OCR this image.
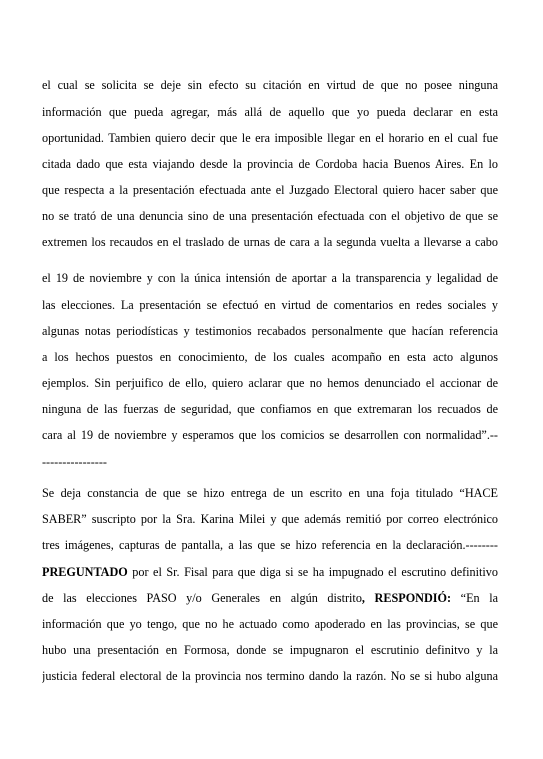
el cual se solicita se deje sin efecto su citación en virtud de que no posee ninguna
información que pueda agregar, más allá de aquello que yo pueda declarar en esta
oportunidad. Tambien quiero decir que le era imposible llegar en el horario en el cual fue
citada dado que esta viajando desde la provincia de Cordoba hacia Buenos Aires. En lo
que respecta a la presentación efectuada ante el Juzgado Electoral quiero hacer saber que
no se trató de una denuncia sino de una presentación efectuada con el objetivo de que se
extremen los recaudos en el traslado de urnas de cara a la segunda vuelta a llevarse a cabo
el 19 de noviembre y con la única intensión de aportar a la transparencia y legalidad de
las elecciones. La presentación se efectuó en virtud de comentarios en redes sociales y
algunas notas periodísticas y testimonios recabados personalmente que hacían referencia
a los hechos puestos en conocimiento, de los cuales acompaño en esta acto algunos
ejemplos. Sin perjuifico de ello, quiero aclarar que no hemos denunciado el accionar de
ninguna de las fuerzas de seguridad, que confiamos en que extremaran los recuados de
cara al 19 de noviembre y esperamos que los comicios se desarrollen con normalidad”.--
----------------
Se deja constancia de que se hizo entrega de un escrito en una foja titulado “HACE
SABER” suscripto por la Sra. Karina Milei y que además remitió por correo electrónico
tres imágenes, capturas de pantalla, a las que se hizo referencia en la declaración.--------
PREGUNTADO por el Sr. Fisal para que diga si se ha impugnado el escrutino definitivo
de las elecciones PASO y/o Generales en algún distrito, RESPONDIÓ: “En la
información que yo tengo, que no he actuado como apoderado en las provincias, se que
hubo una presentación en Formosa, donde se impugnaron el escrutinio definitvo y la
justicia federal electoral de la provincia nos termino dando la razón. No se si hubo alguna
